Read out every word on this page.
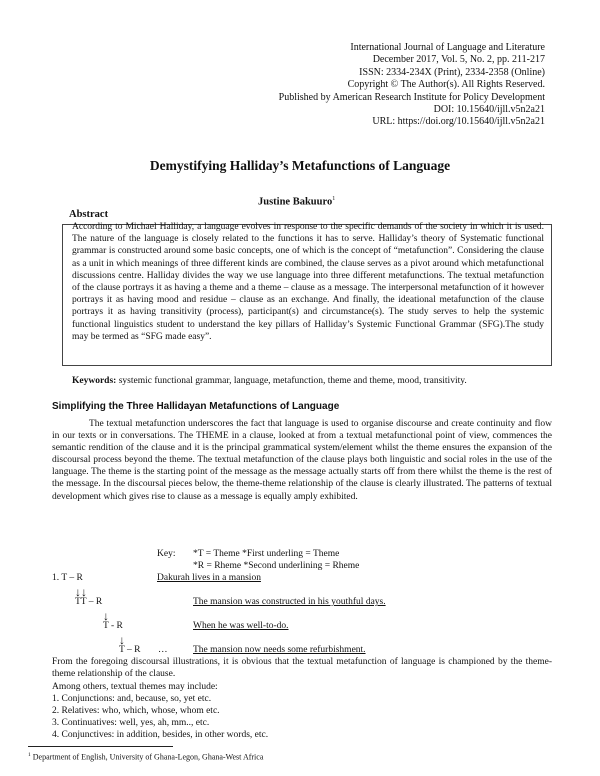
International Journal of Language and Literature
December 2017, Vol. 5, No. 2, pp. 211-217
ISSN: 2334-234X (Print), 2334-2358 (Online)
Copyright © The Author(s). All Rights Reserved.
Published by American Research Institute for Policy Development
DOI: 10.15640/ijll.v5n2a21
URL: https://doi.org/10.15640/ijll.v5n2a21
Demystifying Halliday’s Metafunctions of Language
Justine Bakuuro$^1$
Abstract
According to Michael Halliday, a language evolves in response to the specific demands of the society in which it is used. The nature of the language is closely related to the functions it has to serve. Halliday’s theory of Systematic functional grammar is constructed around some basic concepts, one of which is the concept of “metafunction”. Considering the clause as a unit in which meanings of three different kinds are combined, the clause serves as a pivot around which metafunctional discussions centre. Halliday divides the way we use language into three different metafunctions. The textual metafunction of the clause portrays it as having a theme and a theme – clause as a message. The interpersonal metafunction of it however portrays it as having mood and residue – clause as an exchange. And finally, the ideational metafunction of the clause portrays it as having transitivity (process), participant(s) and circumstance(s). The study serves to help the systemic functional linguistics student to understand the key pillars of Halliday’s Systemic Functional Grammar (SFG).The study may be termed as “SFG made easy”.
Keywords: systemic functional grammar, language, metafunction, theme and theme, mood, transitivity.
Simplifying the Three Hallidayan Metafunctions of Language
The textual metafunction underscores the fact that language is used to organise discourse and create continuity and flow in our texts or in conversations. The THEME in a clause, looked at from a textual metafunctional point of view, commences the semantic rendition of the clause and it is the principal grammatical system/element whilst the theme ensures the expansion of the discoursal process beyond the theme. The textual metafunction of the clause plays both linguistic and social roles in the use of the language. The theme is the starting point of the message as the message actually starts off from there whilst the theme is the rest of the message. In the discoursal pieces below, the theme-theme relationship of the clause is clearly illustrated. The patterns of textual development which gives rise to clause as a message is equally amply exhibited.
Key: *T = Theme *First underling = Theme
*R = Rheme *Second underlining = Rheme
1. T – R	Dakurah lives in a mansion
↓↓
TT – R	The mansion was constructed in his youthful days.
↓
T - R	When he was well-to-do.
↓
T – R …	The mansion now needs some refurbishment.
From the foregoing discoursal illustrations, it is obvious that the textual metafunction of language is championed by the theme-theme relationship of the clause.
Among others, textual themes may include:
1. Conjunctions: and, because, so, yet etc.
2. Relatives: who, which, whose, whom etc.
3. Continuatives: well, yes, ah, mm.., etc.
4. Conjunctives: in addition, besides, in other words, etc.
$^1$ Department of English, University of Ghana-Legon, Ghana-West Africa
